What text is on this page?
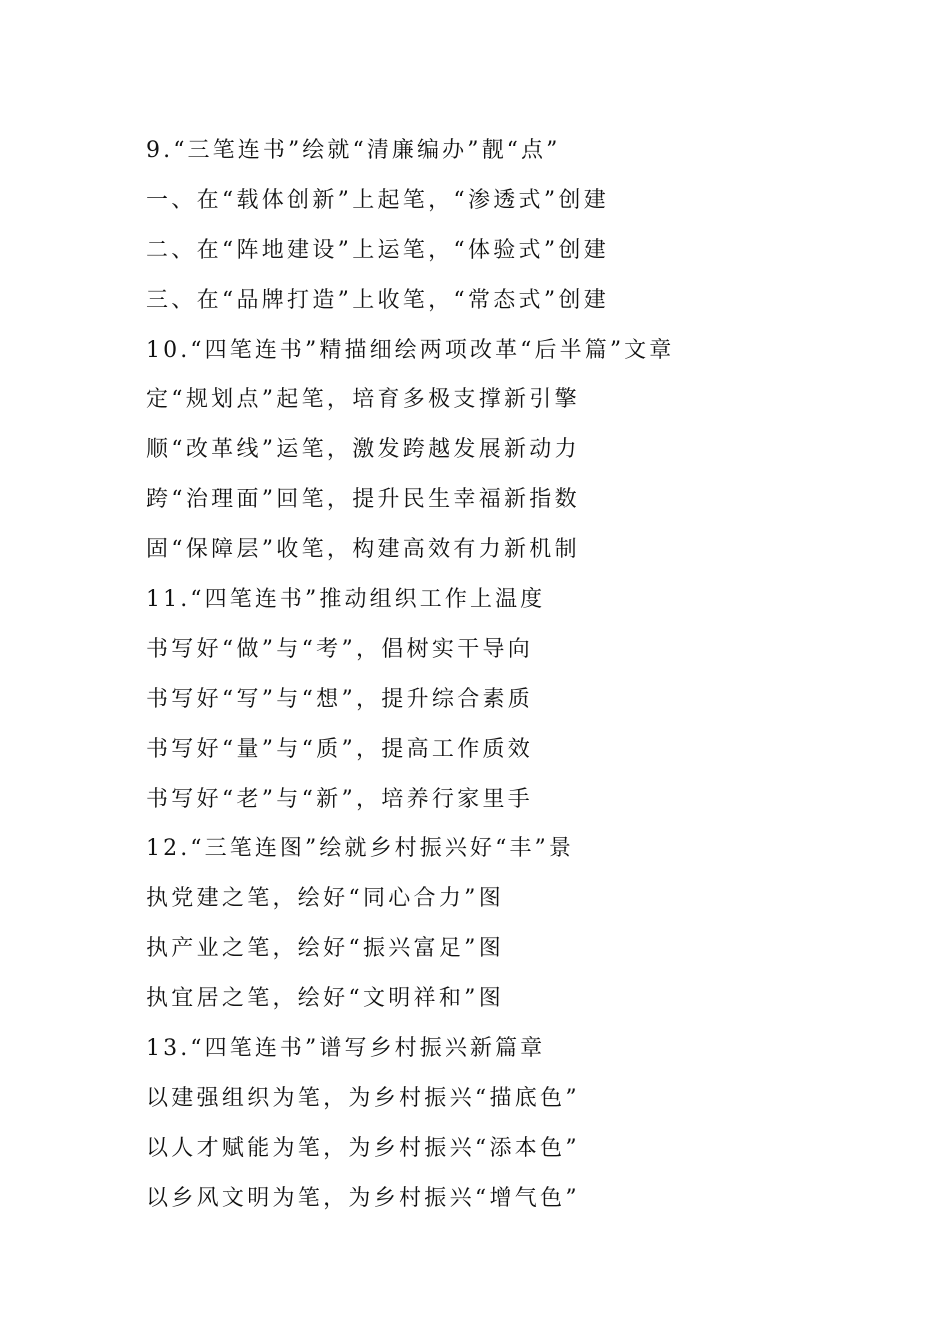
9.“三笔连书”绘就“清廉编办”靓“点”
一、在“载体创新”上起笔，“渗透式”创建
二、在“阵地建设”上运笔，“体验式”创建
三、在“品牌打造”上收笔，“常态式”创建
10.“四笔连书”精描细绘两项改革“后半篇”文章
定“规划点”起笔，培育多极支撑新引擎
顺“改革线”运笔，激发跨越发展新动力
跨“治理面”回笔，提升民生幸福新指数
固“保障层”收笔，构建高效有力新机制
11.“四笔连书”推动组织工作上温度
书写好“做”与“考”，倡树实干导向
书写好“写”与“想”，提升综合素质
书写好“量”与“质”，提高工作质效
书写好“老”与“新”，培养行家里手
12.“三笔连图”绘就乡村振兴好“丰”景
执党建之笔，绘好“同心合力”图
执产业之笔，绘好“振兴富足”图
执宜居之笔，绘好“文明祥和”图
13.“四笔连书”谱写乡村振兴新篇章
以建强组织为笔，为乡村振兴“描底色”
以人才赋能为笔，为乡村振兴“添本色”
以乡风文明为笔，为乡村振兴“增气色”
